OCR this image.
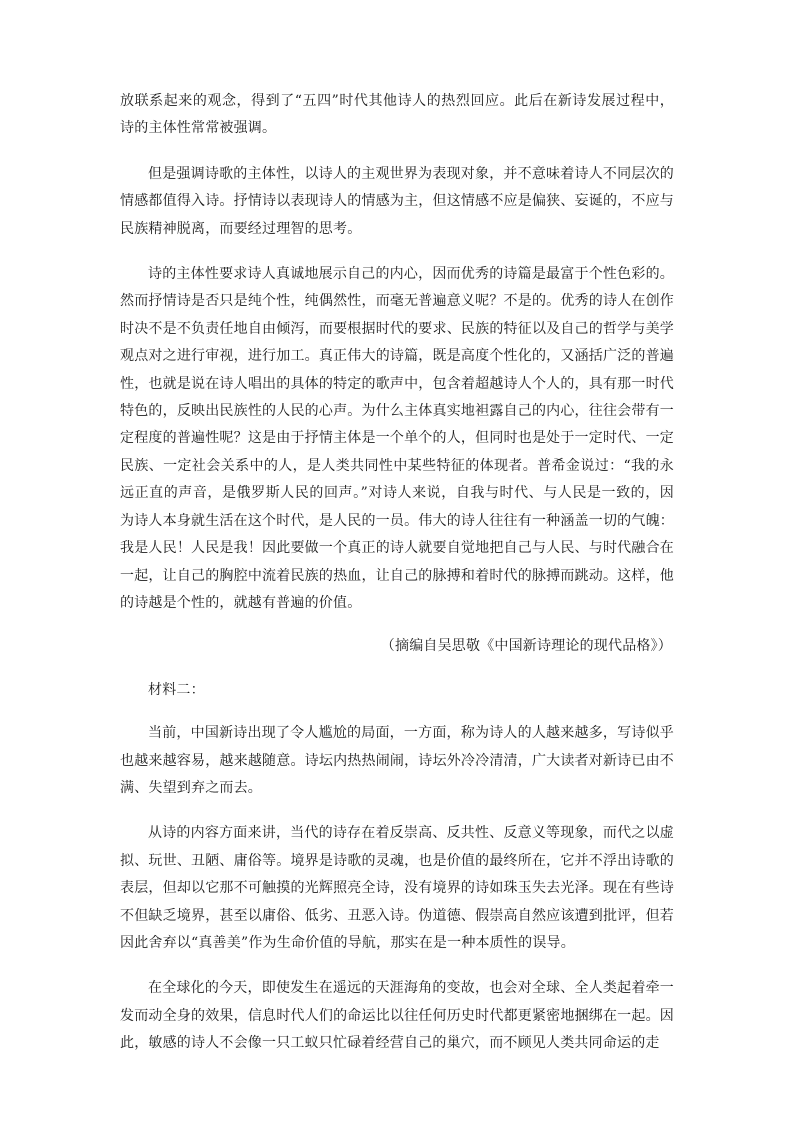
放联系起来的观念，得到了“五四”时代其他诗人的热烈回应。此后在新诗发展过程中，诗的主体性常常被强调。

但是强调诗歌的主体性，以诗人的主观世界为表现对象，并不意味着诗人不同层次的情感都值得入诗。抒情诗以表现诗人的情感为主，但这情感不应是偏狭、妄诞的，不应与民族精神脱离，而要经过理智的思考。

诗的主体性要求诗人真诚地展示自己的内心，因而优秀的诗篇是最富于个性色彩的。然而抒情诗是否只是纯个性，纯偶然性，而毫无普遍意义呢？不是的。优秀的诗人在创作时决不是不负责任地自由倾泻，而要根据时代的要求、民族的特征以及自己的哲学与美学观点对之进行审视，进行加工。真正伟大的诗篇，既是高度个性化的，又涵括广泛的普遍性，也就是说在诗人唱出的具体的特定的歌声中，包含着超越诗人个人的，具有那一时代特色的，反映出民族性的人民的心声。为什么主体真实地袒露自己的内心，往往会带有一定程度的普遍性呢？这是由于抒情主体是一个单个的人，但同时也是处于一定时代、一定民族、一定社会关系中的人，是人类共同性中某些特征的体现者。普希金说过：“我的永远正直的声音，是俄罗斯人民的回声。”对诗人来说，自我与时代、与人民是一致的，因为诗人本身就生活在这个时代，是人民的一员。伟大的诗人往往有一种涵盖一切的气魄：我是人民！人民是我！因此要做一个真正的诗人就要自觉地把自己与人民、与时代融合在一起，让自己的胸腔中流着民族的热血，让自己的脉搏和着时代的脉搏而跳动。这样，他的诗越是个性的，就越有普遍的价值。

（摘编自吴思敬《中国新诗理论的现代品格》）

材料二：

当前，中国新诗出现了令人尴尬的局面，一方面，称为诗人的人越来越多，写诗似乎也越来越容易，越来越随意。诗坛内热热闹闹，诗坛外冷冷清清，广大读者对新诗已由不满、失望到弃之而去。

从诗的内容方面来讲，当代的诗存在着反崇高、反共性、反意义等现象，而代之以虚拟、玩世、丑陋、庸俗等。境界是诗歌的灵魂，也是价值的最终所在，它并不浮出诗歌的表层，但却以它那不可触摸的光辉照亮全诗，没有境界的诗如珠玉失去光泽。现在有些诗不但缺乏境界，甚至以庸俗、低劣、丑恶入诗。伪道德、假崇高自然应该遭到批评，但若因此舍弃以“真善美”作为生命价值的导航，那实在是一种本质性的误导。

在全球化的今天，即使发生在遥远的天涯海角的变故，也会对全球、全人类起着牵一发而动全身的效果，信息时代人们的命运比以往任何历史时代都更紧密地捆绑在一起。因此，敏感的诗人不会像一只工蚁只忙碌着经营自己的巢穴，而不顾见人类共同命运的走
